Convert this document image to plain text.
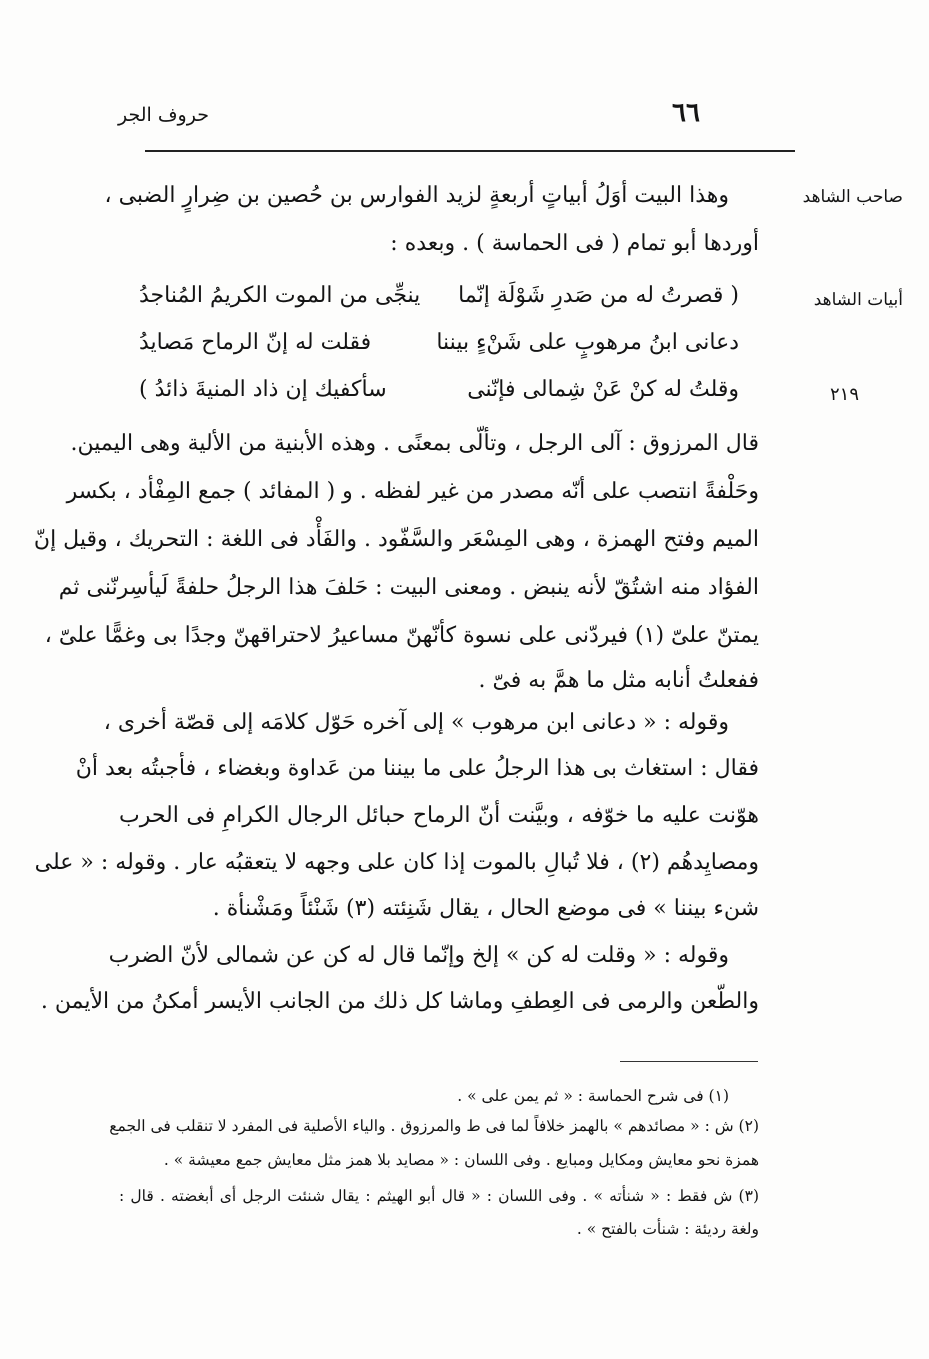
حروف الجر	٦٦
صاحب الشاهد
أبيات الشاهد
٢١٩
وهذا البيت أوَلُ أبياتٍ أربعةٍ لزيد الفوارس بن حُصين بن ضِرارٍ الضبى ،
أوردها أبو تمام ( فى الحماسة ) . وبعده :
( قصرتُ له من صَدرِ شَوْلَة إنّما
ينجِّى من الموت الكريمُ المُناجدُ
دعانى ابنُ مرهوبٍ على شَنْءٍ بيننا
فقلت له إنّ الرماح مَصايدُ
وقلتُ له كنْ عَنْ شِمالى فإنّنى
سأكفيك إن ذاد المنيةَ ذائدُ )
قال المرزوق : آلى الرجل ، وتألّى بمعنًى . وهذه الأبنية من الألية وهى اليمين.
وحَلْفةً انتصب على أنّه مصدر من غير لفظه . و ( المفائد ) جمع المِفْأد ، بكسر
الميم وفتح الهمزة ، وهى المِسْعَر والسَّفّود . والفَأْد فى اللغة : التحريك ، وقيل إنّ
الفؤاد منه اشتُقّ لأنه ينبض . ومعنى البيت : حَلفَ هذا الرجلُ حلفةً لَيأسِرنّنى ثم
يمتنّ علىّ (١) فيردّنى على نسوة كأنّهنّ مساعيرُ لاحتراقهنّ وجدًا بى وغمًّا علىّ ،
ففعلتُ أنابه مثل ما همَّ به فىّ .
وقوله : « دعانى ابن مرهوب » إلى آخره حَوّل كلامَه إلى قصّة أخرى ،
فقال : استغاث بى هذا الرجلُ على ما بيننا من عَداوة وبغضاء ، فأجبتُه بعد أنْ
هوّنت عليه ما خوّفه ، وبيَّنت أنّ الرماح حبائل الرجال الكرامِ فى الحرب
ومصايِدهُم (٢) ، فلا تُبالِ بالموت إذا كان على وجهه لا يتعقبُه عار . وقوله : « على
شنء بيننا » فى موضع الحال ، يقال شَنِئته (٣) شَنْئاً ومَشْنأة .
وقوله : « وقلت له كن » إلخ وإنّما قال له كن عن شمالى لأنّ الضرب
والطّعن والرمى فى العِطفِ وماشا كل ذلك من الجانب الأيسر أمكنُ من الأيمن .
(١) فى شرح الحماسة : « ثم يمن على » .
(٢) ش : « مصائدهم » بالهمز خلافاً لما فى ط والمرزوق . والياء الأصلية فى المفرد لا تنقلب فى الجمع
همزة نحو معايش ومكايل ومبايع . وفى اللسان : « مصايد بلا همز مثل معايش جمع معيشة » .
(٣) ش فقط : « شنأته » . وفى اللسان : « قال أبو الهيثم : يقال شنئت الرجل أى أبغضته . قال :
ولغة رديئة : شنأت بالفتح » .
